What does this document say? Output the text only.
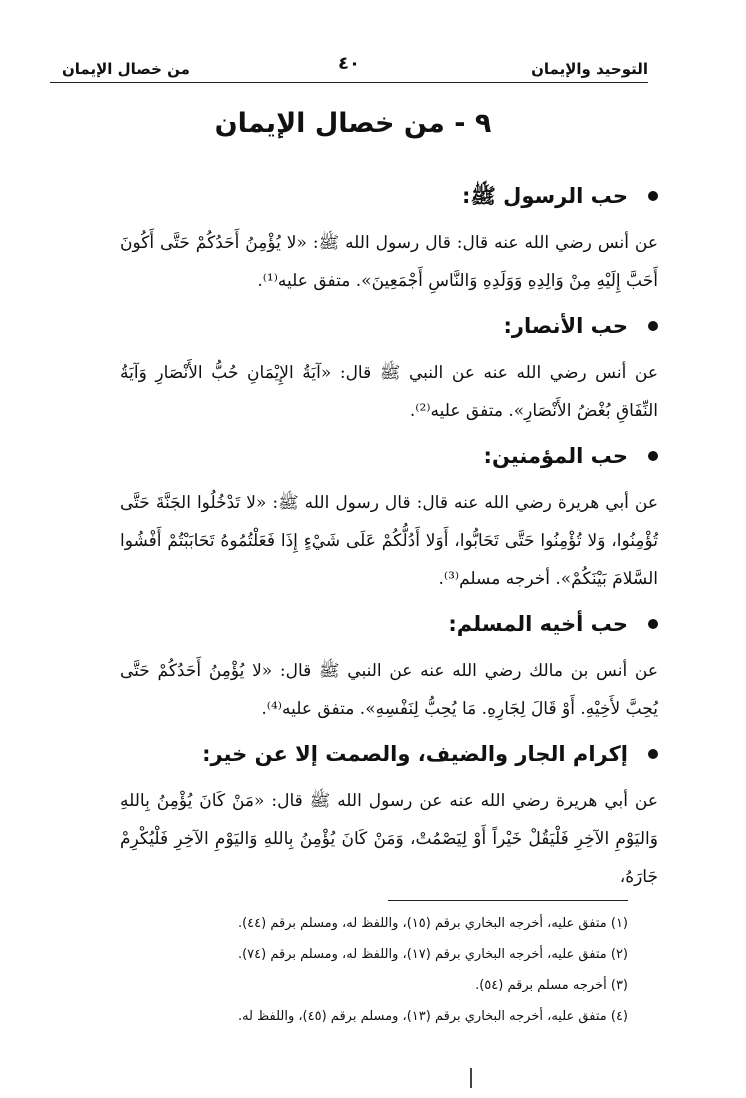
التوحيد والإيمان
٤٠
من خصال الإيمان
٩ - من خصال الإيمان
حب الرسول ﷺ:
عن أنس رضي الله عنه قال: قال رسول الله ﷺ: «لا يُؤْمِنُ أَحَدُكُمْ حَتَّى أَكُونَ أَحَبَّ إِلَيْهِ مِنْ وَالِدِهِ وَوَلَدِهِ وَالنَّاسِ أَجْمَعِينَ». متفق عليه⁽¹⁾.
حب الأنصار:
عن أنس رضي الله عنه عن النبي ﷺ قال: «آيَةُ الإِيْمَانِ حُبُّ الأَنْصَارِ وَآيَةُ النِّفَاقِ بُغْضُ الأَنْصَارِ». متفق عليه⁽²⁾.
حب المؤمنين:
عن أبي هريرة رضي الله عنه قال: قال رسول الله ﷺ: «لا تَدْخُلُوا الجَنَّةَ حَتَّى تُؤْمِنُوا، وَلا تُؤْمِنُوا حَتَّى تَحَابُّوا، أَوَلا أَدُلُّكُمْ عَلَى شَيْءٍ إِذَا فَعَلْتُمُوهُ تَحَابَبْتُمْ أَفْشُوا السَّلامَ بَيْنَكُمْ». أخرجه مسلم⁽³⁾.
حب أخيه المسلم:
عن أنس بن مالك رضي الله عنه عن النبي ﷺ قال: «لا يُؤْمِنُ أَحَدُكُمْ حَتَّى يُحِبَّ لأَخِيْهِ. أَوْ قَالَ لِجَارِهِ. مَا يُحِبُّ لِنَفْسِهِ». متفق عليه⁽⁴⁾.
إكرام الجار والضيف، والصمت إلا عن خير:
عن أبي هريرة رضي الله عنه عن رسول الله ﷺ قال: «مَنْ كَانَ يُؤْمِنُ بِاللهِ وَاليَوْمِ الآخِرِ فَلْيَقُلْ خَيْراً أَوْ لِيَصْمُتْ، وَمَنْ كَانَ يُؤْمِنُ بِاللهِ وَاليَوْمِ الآخِرِ فَلْيُكْرِمْ جَارَهُ،
(١) متفق عليه، أخرجه البخاري برقم (١٥)، واللفظ له، ومسلم برقم (٤٤).
(٢) متفق عليه، أخرجه البخاري برقم (١٧)، واللفظ له، ومسلم برقم (٧٤).
(٣) أخرجه مسلم برقم (٥٤).
(٤) متفق عليه، أخرجه البخاري برقم (١٣)، ومسلم برقم (٤٥)، واللفظ له.
